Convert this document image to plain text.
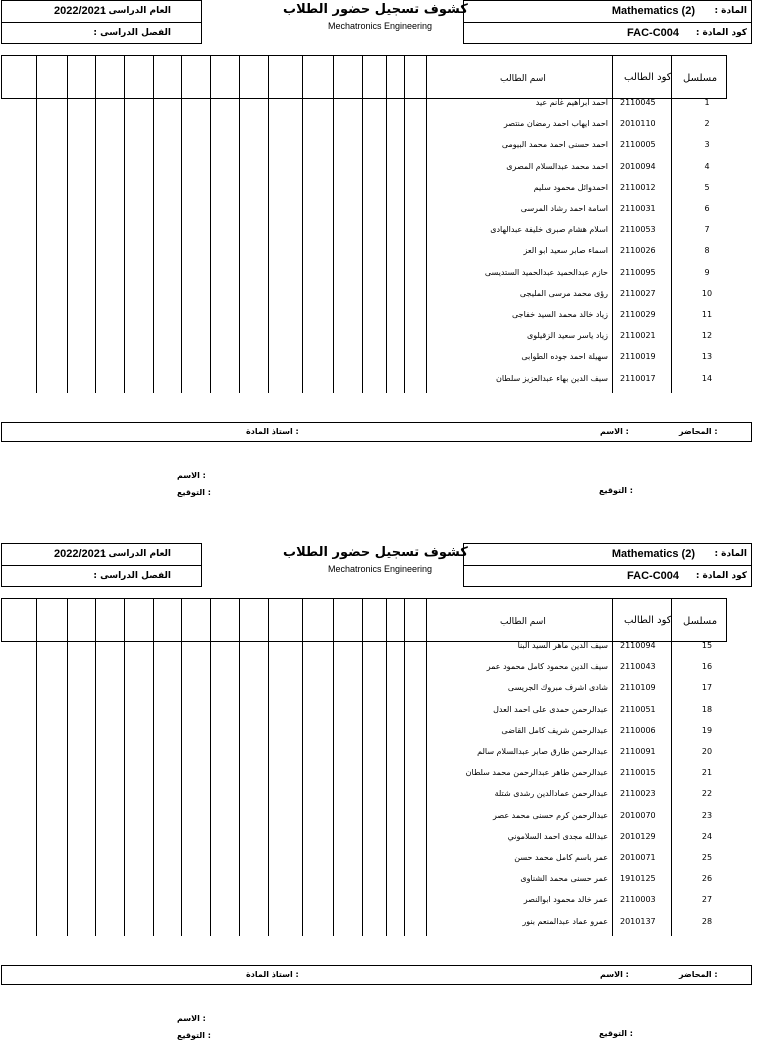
المادة :
Mathematics (2)
كود المادة :
FAC-C004
كشوف تسجيل حضور الطلاب
Mechatronics Engineering
العام الدراسى :
2022/2021
الفصل الدراسى :
مسلسل
كود الطالب
اسم الطالب
1
2110045
احمد ابراهيم غانم عيد
2
2010110
احمد ايهاب احمد رمضان منتصر
3
2110005
احمد حسنى احمد محمد البيومى
4
2010094
احمد محمد عبدالسلام المصرى
5
2110012
احمدوائل محمود سليم
6
2110031
اسامة احمد رشاد المرسى
7
2110053
اسلام هشام صبرى خليفة عبدالهادى
8
2110026
اسماء صابر سعيد ابو العز
9
2110095
حازم عبدالحميد عبدالحميد الستديسى
10
2110027
رؤى محمد مرسى المليجى
11
2110029
زياد خالد محمد السيد خفاجى
12
2110021
زياد ياسر سعيد الزقيلوى
13
2110019
سهيلة احمد جوده الطوابى
14
2110017
سيف الدين بهاء عبدالعزيز سلطان
المحاضر :
الاسم :
استاذ المادة :
الاسم :
التوقيع :	التوقيع :
المادة :
Mathematics (2)
كود المادة :
FAC-C004
كشوف تسجيل حضور الطلاب
Mechatronics Engineering
العام الدراسى :
2022/2021
الفصل الدراسى :
مسلسل
كود الطالب
اسم الطالب
15
2110094
سيف الدين ماهر السيد البنا
16
2110043
سيف الدين محمود كامل محمود عمر
17
2110109
شادى اشرف مبروك الجريسى
18
2110051
عبدالرحمن حمدى على احمد العدل
19
2110006
عبدالرحمن شريف كامل القاضى
20
2110091
عبدالرحمن طارق صابر عبدالسلام سالم
21
2110015
عبدالرحمن طاهر عبدالرحمن محمد سلطان
22
2110023
عبدالرحمن عمادالدين رشدى شتلة
23
2010070
عبدالرحمن كرم حسنى محمد عصر
24
2010129
عبدالله مجدى احمد السلاموني
25
2010071
عمر باسم كامل محمد حسن
26
1910125
عمر حسنى محمد الشناوى
27
2110003
عمر خالد محمود ابوالنصر
28
2010137
عمرو عماد عبدالمنعم بنور
المحاضر :
الاسم :
استاذ المادة :
الاسم :
التوقيع :	التوقيع :
